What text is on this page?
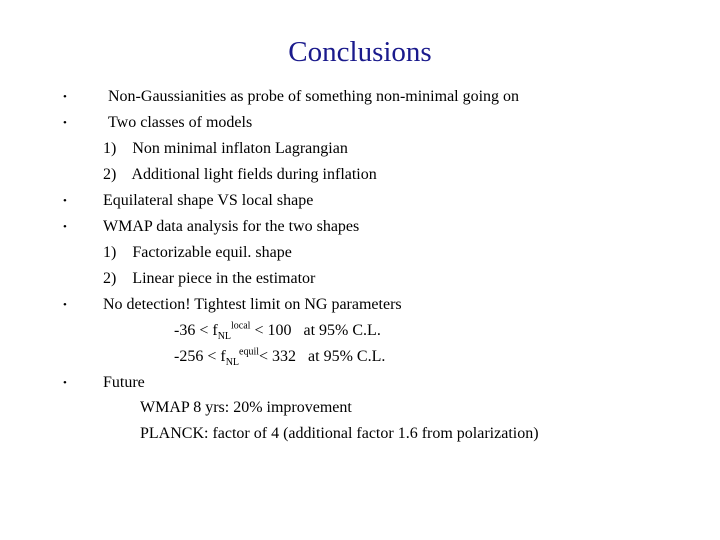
Conclusions
•
•
•
•
•
•
Non-Gaussianities as probe of something non-minimal going on
Two classes of models
1)    Non minimal inflaton Lagrangian
2)    Additional light fields during inflation
Equilateral shape VS local shape
WMAP data analysis for the two shapes
1)    Factorizable equil. shape
2)    Linear piece in the estimator
No detection! Tightest limit on NG parameters
$-36 < f_{NL}^{local} < 100$   at 95% C.L.
$-256 < f_{NL}^{equil}< 332$   at 95% C.L.
Future
WMAP 8 yrs: 20% improvement
PLANCK: factor of 4 (additional factor 1.6 from polarization)
